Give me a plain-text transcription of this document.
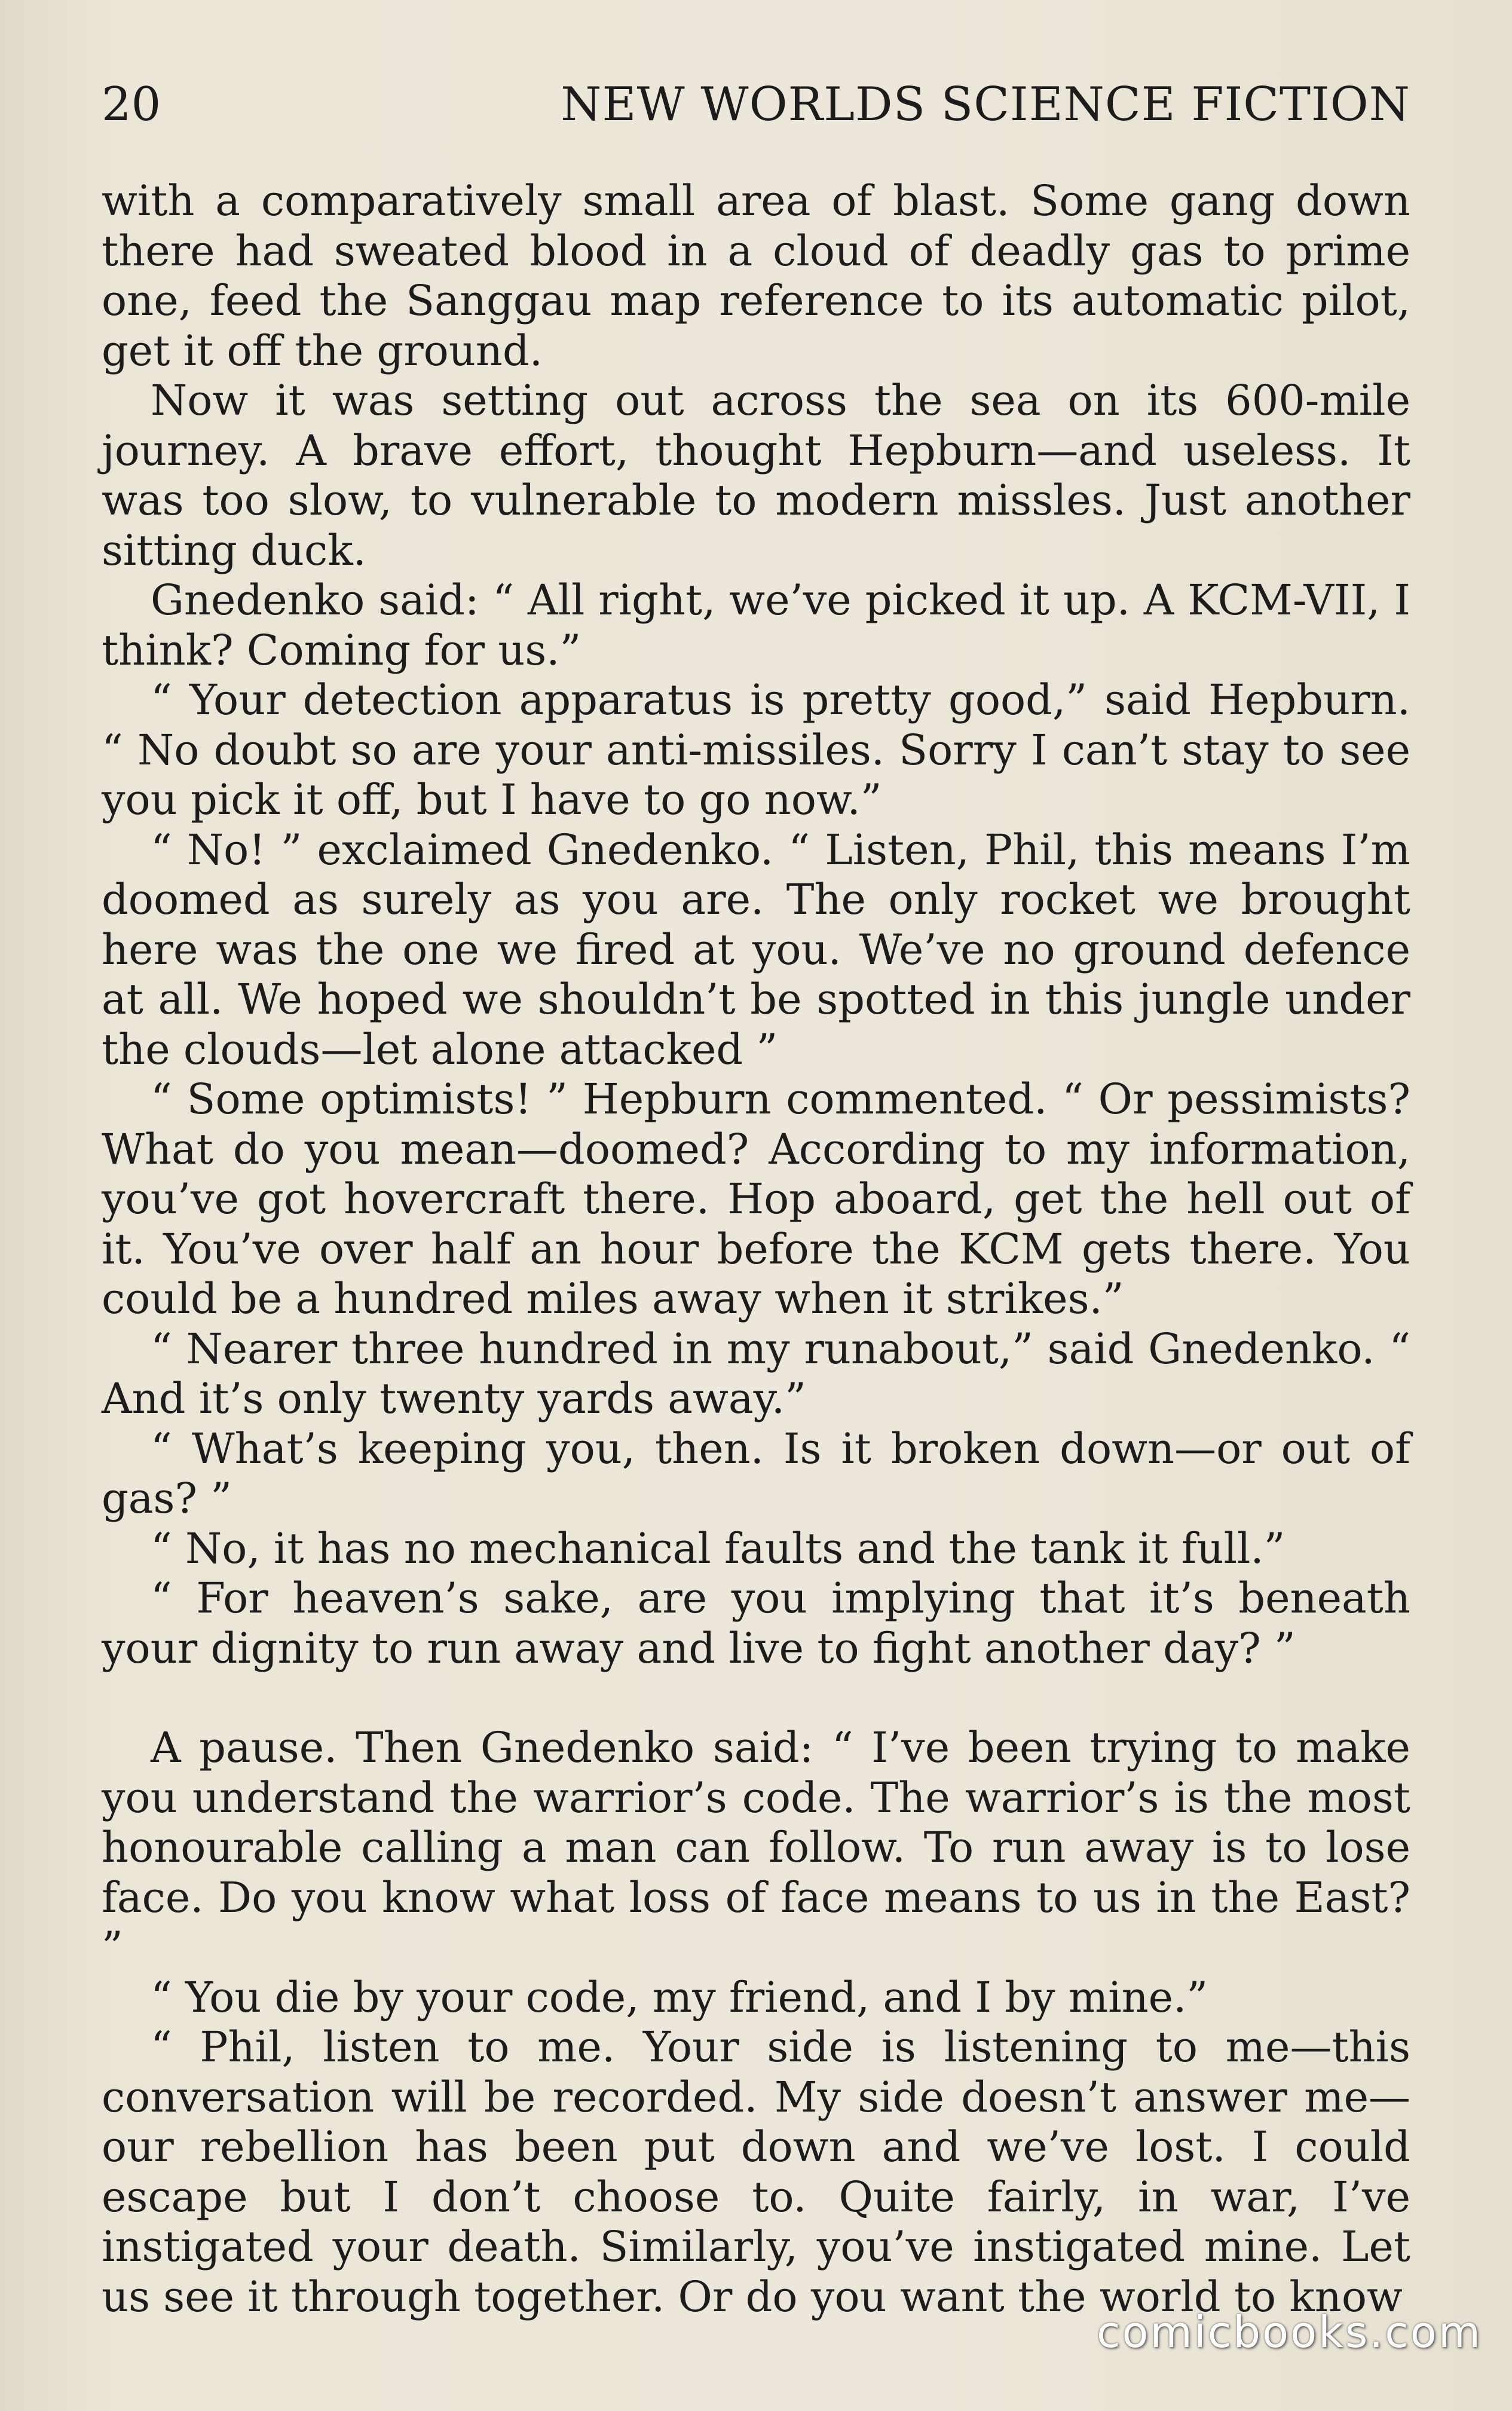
20	NEW WORLDS SCIENCE FICTION

with a comparatively small area of blast. Some gang down there had sweated blood in a cloud of deadly gas to prime one, feed the Sanggau map reference to its automatic pilot, get it off the ground.

Now it was setting out across the sea on its 600-mile journey. A brave effort, thought Hepburn—and useless. It was too slow, to vulnerable to modern missles. Just another sitting duck.

Gnedenko said: “ All right, we’ve picked it up. A KCM-VII, I think? Coming for us.”

“ Your detection apparatus is pretty good,” said Hepburn. “ No doubt so are your anti-missiles. Sorry I can’t stay to see you pick it off, but I have to go now.”

“ No! ” exclaimed Gnedenko. “ Listen, Phil, this means I’m doomed as surely as you are. The only rocket we brought here was the one we fired at you. We’ve no ground defence at all. We hoped we shouldn’t be spotted in this jungle under the clouds—let alone attacked ”

“ Some optimists! ” Hepburn commented. “ Or pessimists? What do you mean—doomed? According to my information, you’ve got hovercraft there. Hop aboard, get the hell out of it. You’ve over half an hour before the KCM gets there. You could be a hundred miles away when it strikes.”

“ Nearer three hundred in my runabout,” said Gnedenko. “ And it’s only twenty yards away.”

“ What’s keeping you, then. Is it broken down—or out of gas? ”

“ No, it has no mechanical faults and the tank it full.”

“ For heaven’s sake, are you implying that it’s beneath your dignity to run away and live to fight another day? ”

A pause. Then Gnedenko said: “ I’ve been trying to make you understand the warrior’s code. The warrior’s is the most honourable calling a man can follow. To run away is to lose face. Do you know what loss of face means to us in the East? ”

“ You die by your code, my friend, and I by mine.”

“ Phil, listen to me. Your side is listening to me—this conversation will be recorded. My side doesn’t answer me—our rebellion has been put down and we’ve lost. I could escape but I don’t choose to. Quite fairly, in war, I’ve instigated your death. Similarly, you’ve instigated mine. Let us see it through together. Or do you want the world to know

comicbooks.com
